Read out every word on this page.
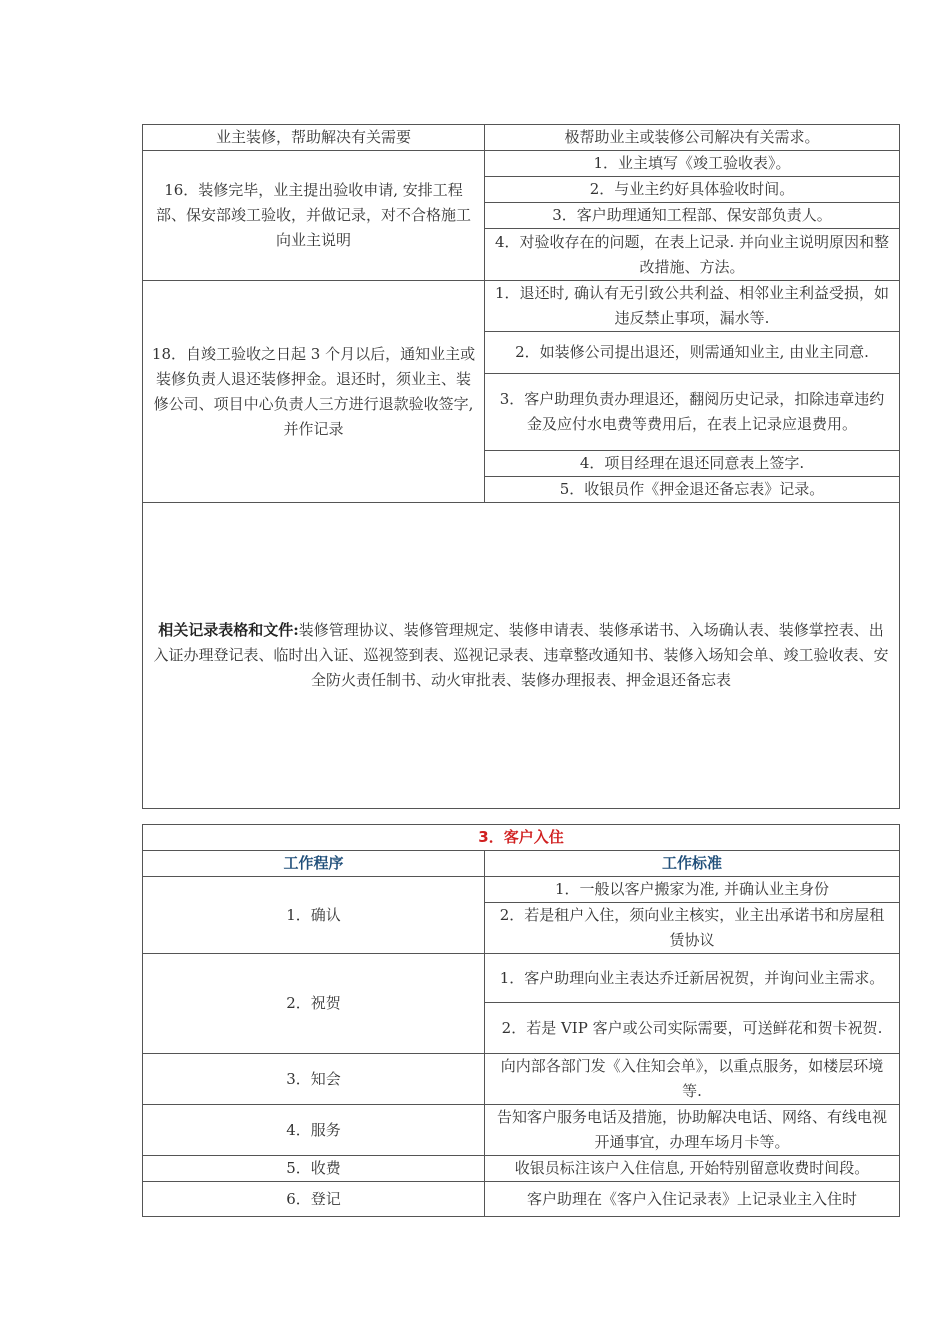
业主装修，帮助解决有关需要	极帮助业主或装修公司解决有关需求。
16．装修完毕，业主提出验收申请, 安排工程部、保安部竣工验收，并做记录，对不合格施工向业主说明	1．业主填写《竣工验收表》。
	2．与业主约好具体验收时间。
	3．客户助理通知工程部、保安部负责人。
	4．对验收存在的问题，在表上记录. 并向业主说明原因和整改措施、方法。
18．自竣工验收之日起 3 个月以后，通知业主或装修负责人退还装修押金。退还时，须业主、装修公司、项目中心负责人三方进行退款验收签字, 并作记录	1．退还时, 确认有无引致公共利益、相邻业主利益受损，如违反禁止事项，漏水等.
	2．如装修公司提出退还，则需通知业主, 由业主同意.
	3．客户助理负责办理退还，翻阅历史记录，扣除违章违约金及应付水电费等费用后，在表上记录应退费用。
	4．项目经理在退还同意表上签字.
	5．收银员作《押金退还备忘表》记录。
相关记录表格和文件:装修管理协议、装修管理规定、装修申请表、装修承诺书、入场确认表、装修掌控表、出入证办理登记表、临时出入证、巡视签到表、巡视记录表、违章整改通知书、装修入场知会单、竣工验收表、安全防火责任制书、动火审批表、装修办理报表、押金退还备忘表	
3．客户入住	
工作程序	工作标准
1．确认	1．一般以客户搬家为准, 并确认业主身份
	2．若是租户入住，须向业主核实，业主出承诺书和房屋租赁协议
2．祝贺	1．客户助理向业主表达乔迁新居祝贺，并询问业主需求。
	2．若是 VIP 客户或公司实际需要，可送鲜花和贺卡祝贺.
3．知会	向内部各部门发《入住知会单》，以重点服务，如楼层环境等.
4．服务	告知客户服务电话及措施，协助解决电话、网络、有线电视开通事宜，办理车场月卡等。
5．收费	收银员标注该户入住信息, 开始特别留意收费时间段。
6．登记	客户助理在《客户入住记录表》上记录业主入住时
